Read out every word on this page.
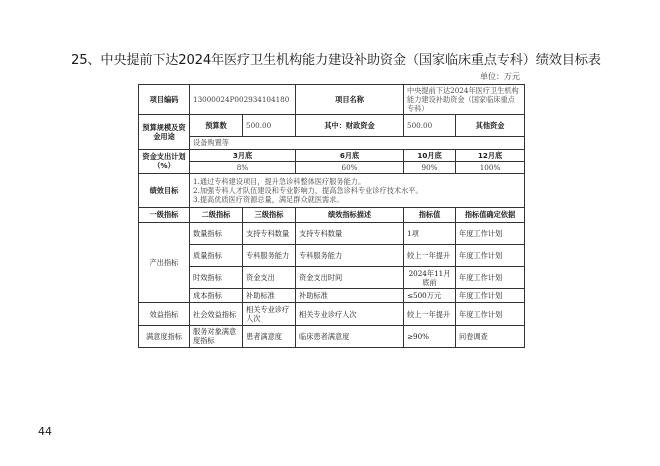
25、中央提前下达2024年医疗卫生机构能力建设补助资金（国家临床重点专科）绩效目标表
单位：万元
项目编码	13000024P002934104180		项目名称	中央提前下达2024年医疗卫生机构能力建设补助资金（国家临床重点专科）	
预算规模及资金用途	预算数	500.00	其中：财政资金	500.00	其他资金
	设备购置等				
资金支出计划（%）	3月底		6月底	10月底	12月底
	8%		60%	90%	100%
绩效目标	1.通过专科建设项目，提升急诊科整体医疗服务能力。
2.加强专科人才队伍建设和专业影响力，提高急诊科专业诊疗技术水平。
3.提高优质医疗资源总量，满足群众就医需求。				

一级指标	二级指标	三级指标	绩效指标描述	指标值	指标值确定依据
产出指标	数量指标	支持专科数量	支持专科数量	1项	年度工作计划
	质量指标	专科服务能力	专科服务能力	较上一年提升	年度工作计划
	时效指标	资金支出	资金支出时间	2024年11月底前	年度工作计划
	成本指标	补助标准	补助标准	≤500万元	年度工作计划
效益指标	社会效益指标	相关专业诊疗人次	相关专业诊疗人次	较上一年提升	年度工作计划
满意度指标	服务对象满意度指标	患者满意度	临床患者满意度	≥90%	问卷调查
44
